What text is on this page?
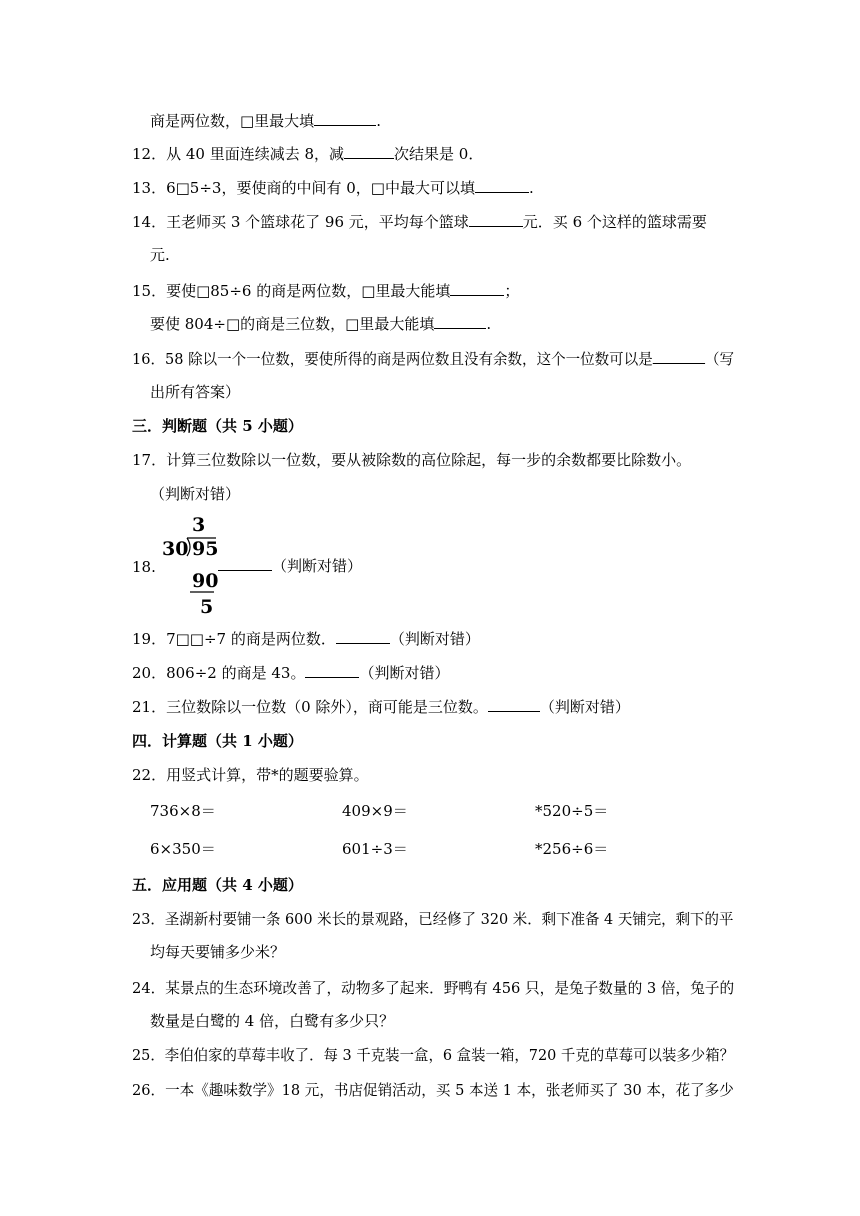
商是两位数，□里最大填	.
12．从 40 里面连续减去 8，减	次结果是 0．
13．6□5÷3，要使商的中间有 0，□中最大可以填	.
14．王老师买 3 个篮球花了 96 元，平均每个篮球	元．买 6 个这样的篮球需要
元.
15．要使□85÷6 的商是两位数，□里最大能填	；
要使 804÷□的商是三位数，□里最大能填	.
16．58 除以一个一位数，要使所得的商是两位数且没有余数，这个一位数可以是	（写
出所有答案）
三．判断题（共 5 小题）
17．计算三位数除以一位数，要从被除数的高位除起，每一步的余数都要比除数小。
（判断对错）
3
30 95
90
5
18.	（判断对错）
19．7□□÷7 的商是两位数．	（判断对错）
20．806÷2 的商是 43。	（判断对错）
21．三位数除以一位数（0 除外），商可能是三位数。	（判断对错）
四．计算题（共 1 小题）
22．用竖式计算，带*的题要验算。
736×8＝	409×9＝	*520÷5＝
6×350＝	601÷3＝	*256÷6＝
五．应用题（共 4 小题）
23．圣湖新村要铺一条 600 米长的景观路，已经修了 320 米．剩下准备 4 天铺完，剩下的平
均每天要铺多少米？
24．某景点的生态环境改善了，动物多了起来．野鸭有 456 只，是兔子数量的 3 倍，兔子的
数量是白鹭的 4 倍，白鹭有多少只？
25．李伯伯家的草莓丰收了．每 3 千克装一盒，6 盒装一箱，720 千克的草莓可以装多少箱？
26．一本《趣味数学》18 元，书店促销活动，买 5 本送 1 本，张老师买了 30 本，花了多少
